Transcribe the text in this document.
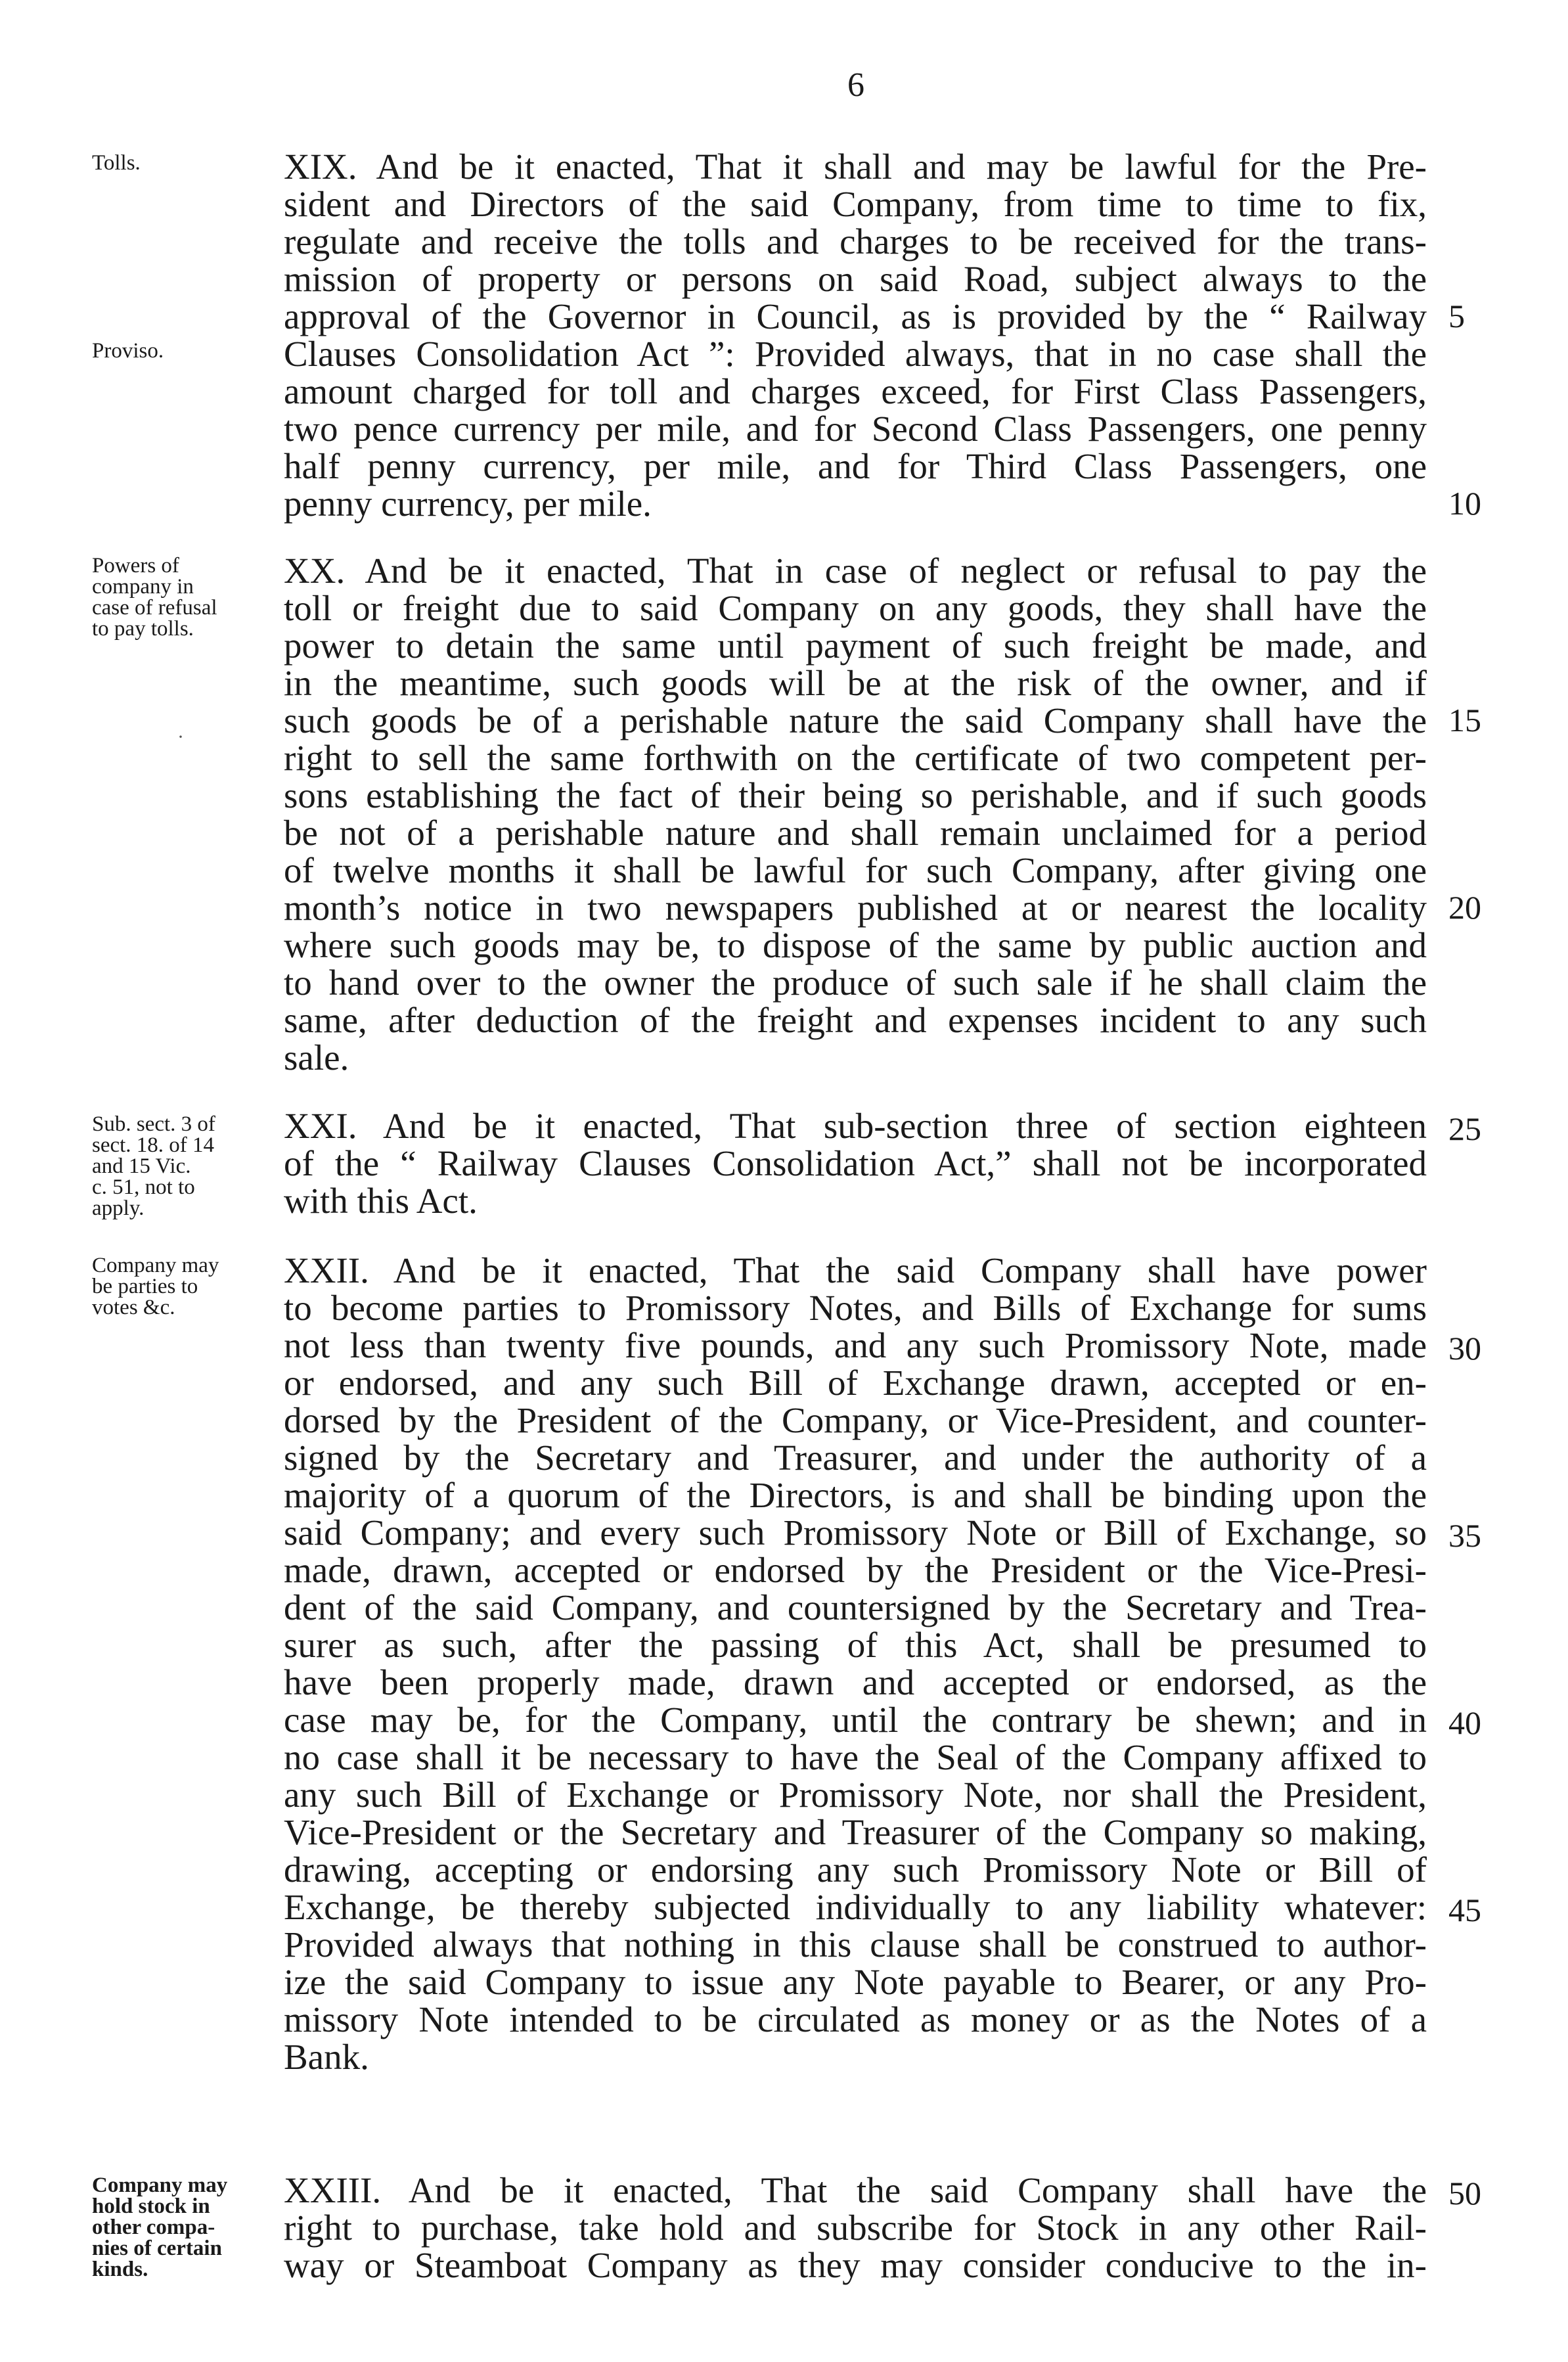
6
XIX. And be it enacted, That it shall and may be lawful for the Pre-
sident and Directors of the said Company, from time to time to fix,
regulate and receive the tolls and charges to be received for the trans-
mission of property or persons on said Road, subject always to the
approval of the Governor in Council, as is provided by the “ Railway
Clauses Consolidation Act ”: Provided always, that in no case shall the
amount charged for toll and charges exceed, for First Class Passengers,
two pence currency per mile, and for Second Class Passengers, one penny
half penny currency, per mile, and for Third Class Passengers, one
penny currency, per mile.
XX. And be it enacted, That in case of neglect or refusal to pay the
toll or freight due to said Company on any goods, they shall have the
power to detain the same until payment of such freight be made, and
in the meantime, such goods will be at the risk of the owner, and if
such goods be of a perishable nature the said Company shall have the
right to sell the same forthwith on the certificate of two competent per-
sons establishing the fact of their being so perishable, and if such goods
be not of a perishable nature and shall remain unclaimed for a period
of twelve months it shall be lawful for such Company, after giving one
month’s notice in two newspapers published at or nearest the locality
where such goods may be, to dispose of the same by public auction and
to hand over to the owner the produce of such sale if he shall claim the
same, after deduction of the freight and expenses incident to any such
sale.
XXI. And be it enacted, That sub-section three of section eighteen
of the “ Railway Clauses Consolidation Act,” shall not be incorporated
with this Act.
XXII. And be it enacted, That the said Company shall have power
to become parties to Promissory Notes, and Bills of Exchange for sums
not less than twenty five pounds, and any such Promissory Note, made
or endorsed, and any such Bill of Exchange drawn, accepted or en-
dorsed by the President of the Company, or Vice-President, and counter-
signed by the Secretary and Treasurer, and under the authority of a
majority of a quorum of the Directors, is and shall be binding upon the
said Company; and every such Promissory Note or Bill of Exchange, so
made, drawn, accepted or endorsed by the President or the Vice-Presi-
dent of the said Company, and countersigned by the Secretary and Trea-
surer as such, after the passing of this Act, shall be presumed to
have been properly made, drawn and accepted or endorsed, as the
case may be, for the Company, until the contrary be shewn; and in
no case shall it be necessary to have the Seal of the Company affixed to
any such Bill of Exchange or Promissory Note, nor shall the President,
Vice-President or the Secretary and Treasurer of the Company so making,
drawing, accepting or endorsing any such Promissory Note or Bill of
Exchange, be thereby subjected individually to any liability whatever:
Provided always that nothing in this clause shall be construed to author-
ize the said Company to issue any Note payable to Bearer, or any Pro-
missory Note intended to be circulated as money or as the Notes of a
Bank.
XXIII. And be it enacted, That the said Company shall have the
right to purchase, take hold and subscribe for Stock in any other Rail-
way or Steamboat Company as they may consider conducive to the in-
Tolls.
Proviso.
Powers of
company in
case of refusal
to pay tolls.
Sub. sect. 3 of
sect. 18. of 14
and 15 Vic.
c. 51, not to
apply.
Company may
be parties to
votes &c.
Company may
hold stock in
other compa-
nies of certain
kinds.
5
10
15
20
25
30
35
40
45
50
·
